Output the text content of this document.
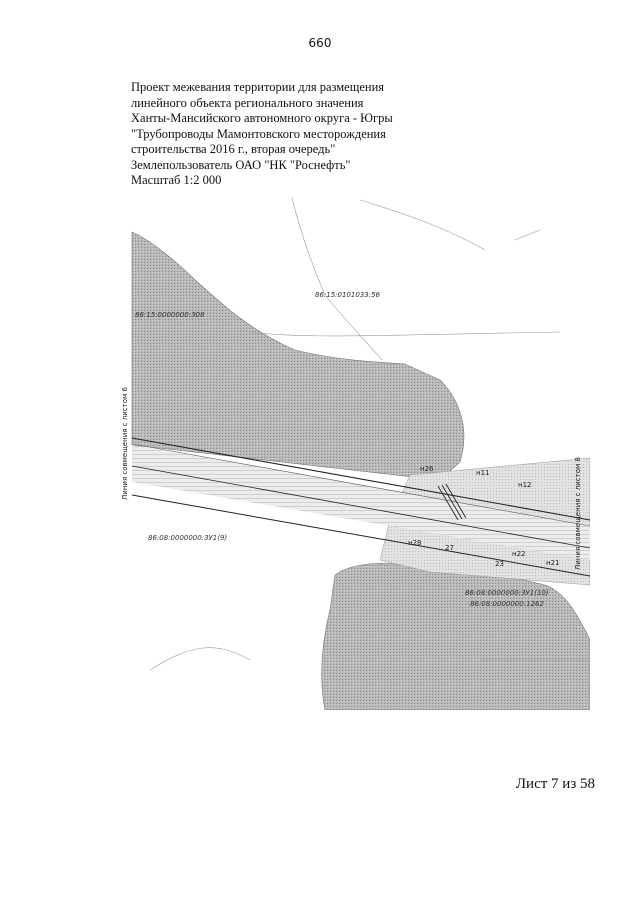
660
Проект межевания территории для размещения
линейного объекта регионального значения
Ханты-Мансийского автономного округа - Югры
"Трубопроводы Мамонтовского месторождения
строительства 2016 г., вторая очередь"
Землепользователь ОАО "НК "Роснефть"
Масштаб 1:2 000
Линия совмещения с листом 6
Линия совмещения с листом 8
86:15:0101033:56
86:15:0000000:308
86:08:0000000:3У1(9)
86:08:0000000:3У1(10)
86:08:0000000:1262
н26	н11
н12
н28
27
н22
23	н21
Лист 7 из 58
